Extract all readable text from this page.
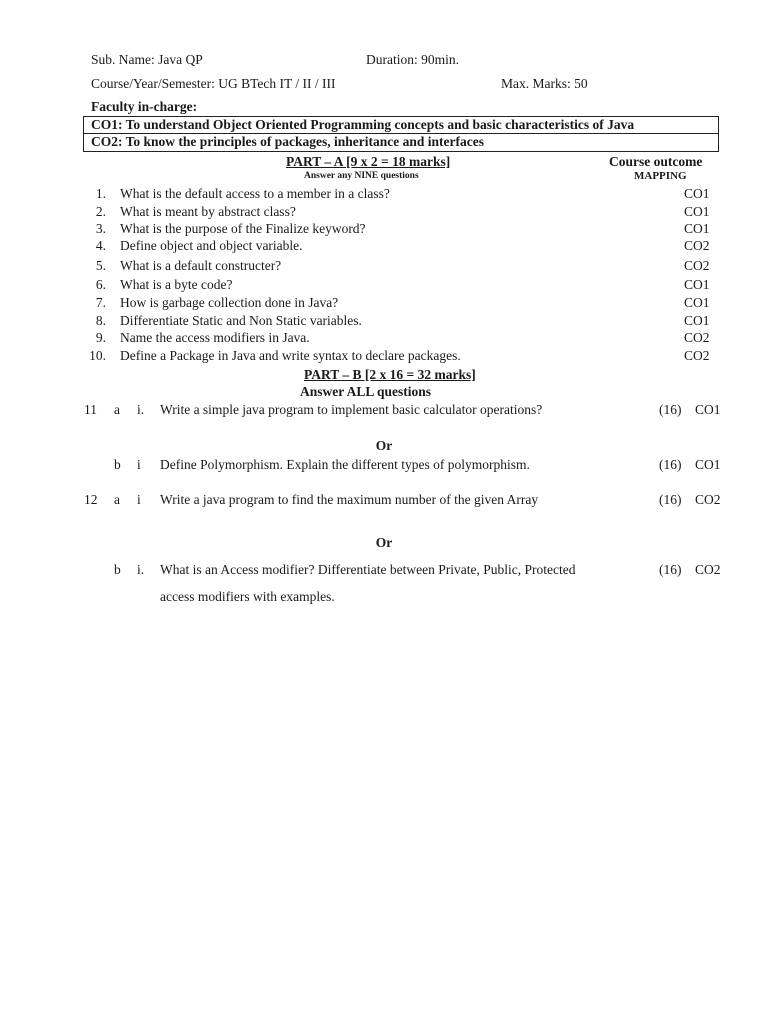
Sub. Name: Java QP	Duration: 90min.
Course/Year/Semester: UG BTech IT / II / III	Max. Marks: 50
Faculty in-charge:
CO1: To understand Object Oriented Programming concepts and basic characteristics of Java
CO2: To know the principles of packages, inheritance and interfaces
PART – A [9 x 2 = 18 marks]
Answer any NINE questions
Course outcome
MAPPING
1. What is the default access to a member in a class?	CO1
2. What is meant by abstract class?	CO1
3. What is the purpose of the Finalize keyword?	CO1
4. Define object and object variable.	CO2
5. What is a default constructer?	CO2
6. What is a byte code?	CO1
7. How is garbage collection done in Java?	CO1
8. Differentiate Static and Non Static variables.	CO1
9. Name the access modifiers in Java.	CO2
10. Define a Package in Java and write syntax to declare packages.	CO2
PART – B [2 x 16 = 32 marks]
Answer ALL questions
11 a i. Write a simple java program to implement basic calculator operations?	(16) CO1
Or
b i Define Polymorphism. Explain the different types of polymorphism.	(16) CO1
12 a i Write a java program to find the maximum number of the given Array	(16) CO2
Or
b i. What is an Access modifier? Differentiate between Private, Public, Protected	(16) CO2
access modifiers with examples.
